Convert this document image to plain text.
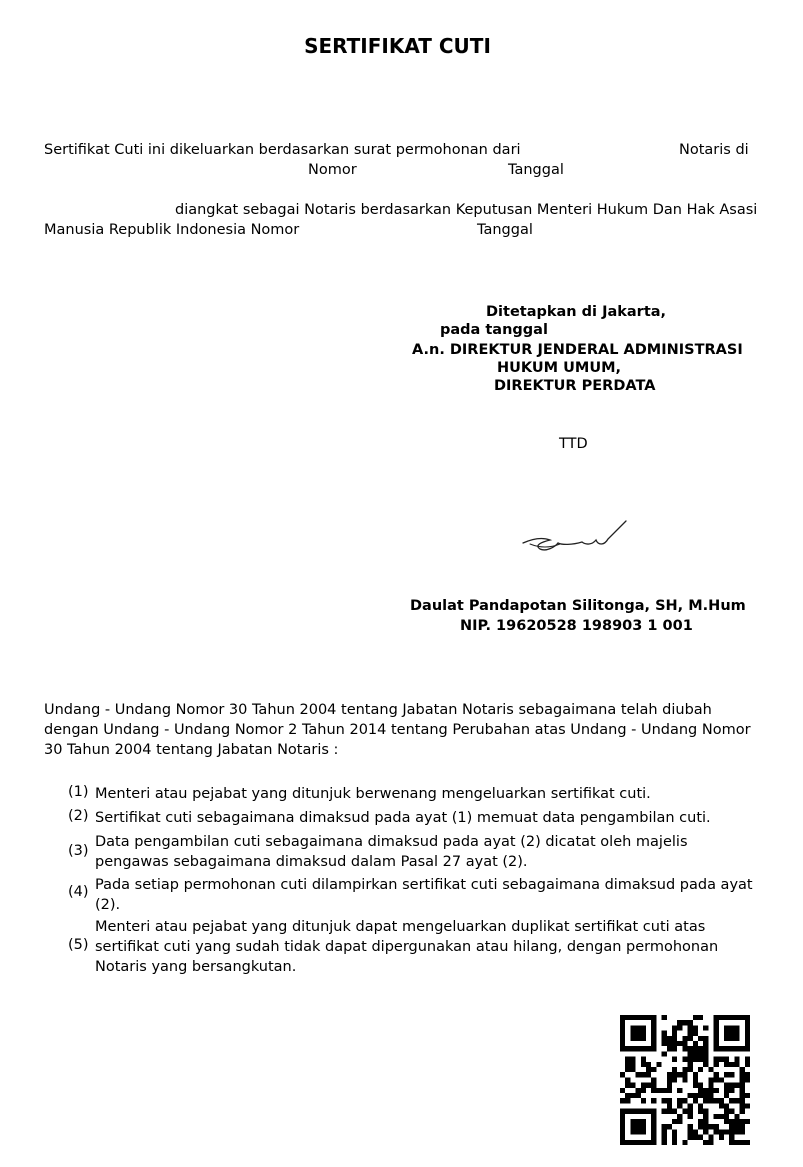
SERTIFIKAT CUTI
Sertifikat Cuti ini dikeluarkan berdasarkan surat permohonan dari	Notaris di
Nomor	Tanggal
diangkat sebagai Notaris berdasarkan Keputusan Menteri Hukum Dan Hak Asasi
Manusia Republik Indonesia Nomor	Tanggal
Ditetapkan di Jakarta,
pada tanggal
A.n. DIREKTUR JENDERAL ADMINISTRASI
HUKUM UMUM,
DIREKTUR PERDATA
TTD
Daulat Pandapotan Silitonga, SH, M.Hum
NIP. 19620528 198903 1 001
Undang - Undang Nomor 30 Tahun 2004 tentang Jabatan Notaris sebagaimana telah diubah
dengan Undang - Undang Nomor 2 Tahun 2014 tentang Perubahan atas Undang - Undang Nomor
30 Tahun 2004 tentang Jabatan Notaris :
(1) Menteri atau pejabat yang ditunjuk berwenang mengeluarkan sertifikat cuti.
(2) Sertifikat cuti sebagaimana dimaksud pada ayat (1) memuat data pengambilan cuti.
(3)
Data pengambilan cuti sebagaimana dimaksud pada ayat (2) dicatat oleh majelis pengawas sebagaimana dimaksud dalam Pasal 27 ayat (2).
(4) Pada setiap permohonan cuti dilampirkan sertifikat cuti sebagaimana dimaksud pada ayat (2).
(5)
Menteri atau pejabat yang ditunjuk dapat mengeluarkan duplikat sertifikat cuti atas sertifikat cuti yang sudah tidak dapat dipergunakan atau hilang, dengan permohonan Notaris yang bersangkutan.
